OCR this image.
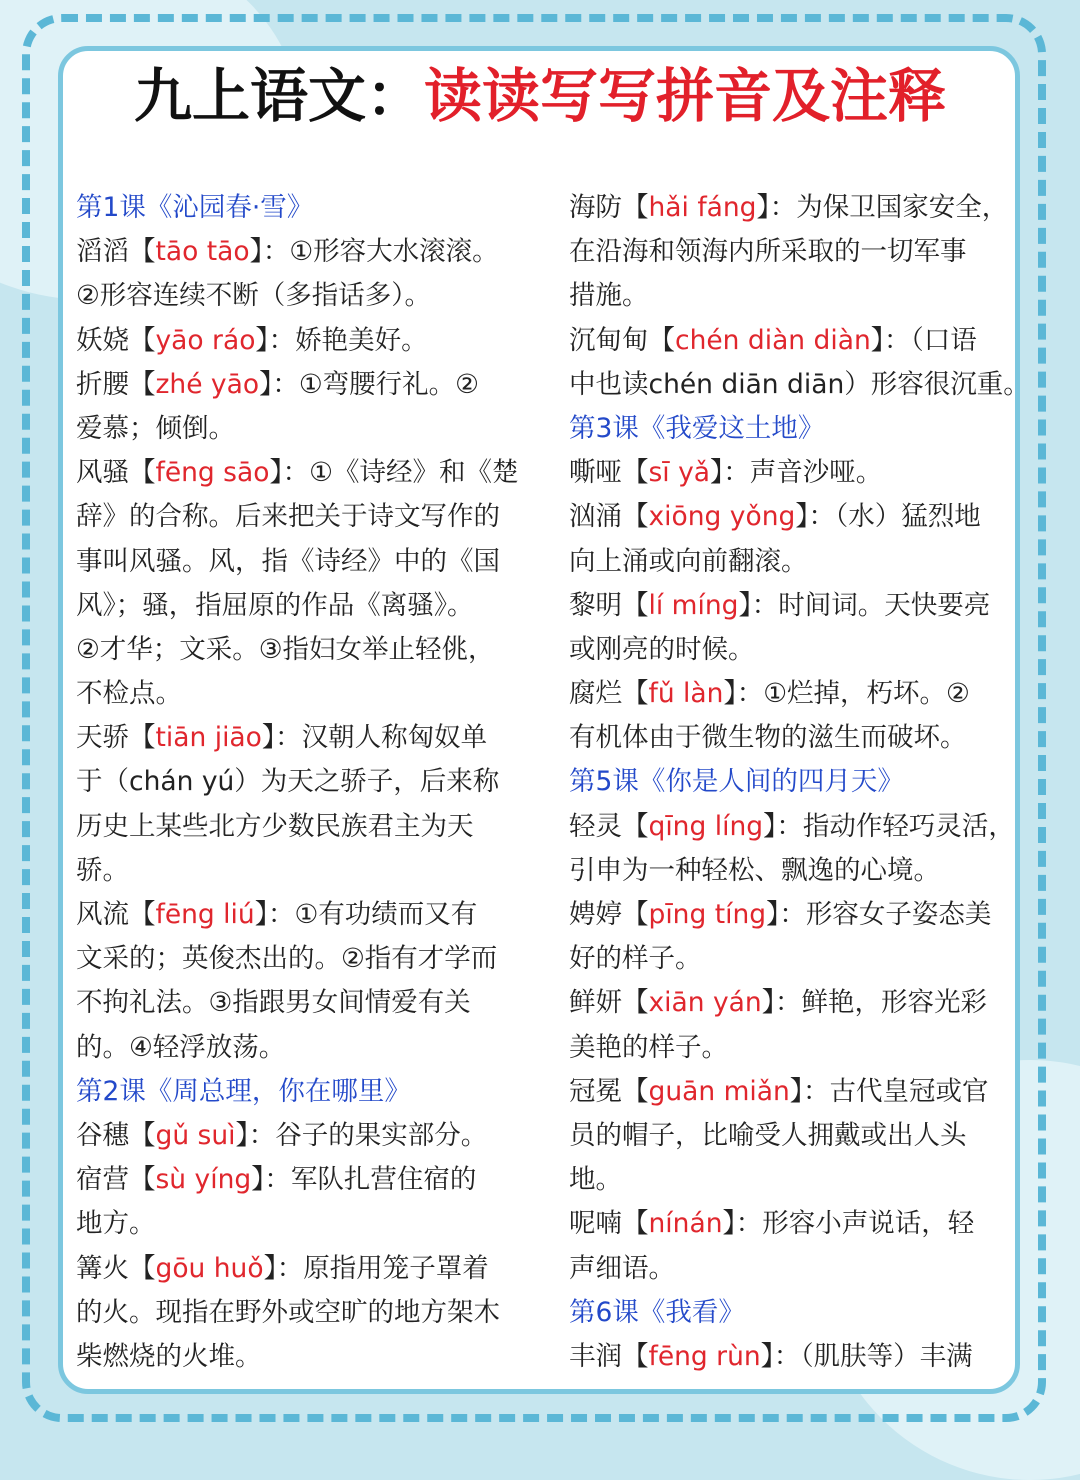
九上语文：读读写写拼音及注释
第1课《沁园春·雪》
滔滔【tāo tāo】：①形容大水滚滚。
②形容连续不断（多指话多）。
妖娆【yāo ráo】：娇艳美好。
折腰【zhé yāo】：①弯腰行礼。②
爱慕；倾倒。
风骚【fēng sāo】：①《诗经》和《楚
辞》的合称。后来把关于诗文写作的
事叫风骚。风，指《诗经》中的《国
风》；骚，指屈原的作品《离骚》。
②才华；文采。③指妇女举止轻佻，
不检点。
天骄【tiān jiāo】：汉朝人称匈奴单
于（chán yú）为天之骄子，后来称
历史上某些北方少数民族君主为天
骄。
风流【fēng liú】：①有功绩而又有
文采的；英俊杰出的。②指有才学而
不拘礼法。③指跟男女间情爱有关
的。④轻浮放荡。
第2课《周总理，你在哪里》
谷穗【gǔ suì】：谷子的果实部分。
宿营【sù yíng】：军队扎营住宿的
地方。
篝火【gōu huǒ】：原指用笼子罩着
的火。现指在野外或空旷的地方架木
柴燃烧的火堆。
海防【hǎi fáng】：为保卫国家安全，
在沿海和领海内所采取的一切军事
措施。
沉甸甸【chén diàn diàn】：（口语
中也读chén diān diān）形容很沉重。
第3课《我爱这土地》
嘶哑【sī yǎ】：声音沙哑。
汹涌【xiōng yǒng】：（水）猛烈地
向上涌或向前翻滚。
黎明【lí míng】：时间词。天快要亮
或刚亮的时候。
腐烂【fǔ làn】：①烂掉，朽坏。②
有机体由于微生物的滋生而破坏。
第5课《你是人间的四月天》
轻灵【qīng líng】：指动作轻巧灵活，
引申为一种轻松、飘逸的心境。
娉婷【pīng tíng】：形容女子姿态美
好的样子。
鲜妍【xiān yán】：鲜艳，形容光彩
美艳的样子。
冠冕【guān miǎn】：古代皇冠或官
员的帽子，比喻受人拥戴或出人头
地。
呢喃【nínán】：形容小声说话，轻
声细语。
第6课《我看》
丰润【fēng rùn】：（肌肤等）丰满
